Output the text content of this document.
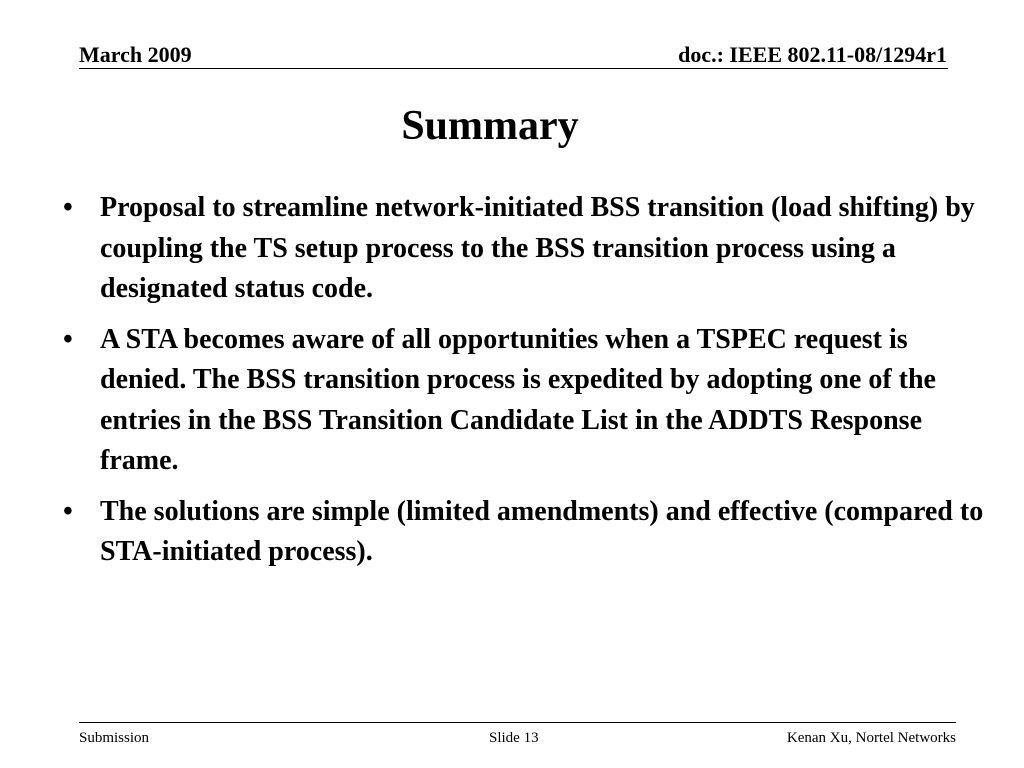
March 2009	doc.: IEEE 802.11-08/1294r1
Summary
• Proposal to streamline network-initiated BSS transition (load shifting) by coupling the TS setup process to the BSS transition process using a designated status code.
• A STA becomes aware of all opportunities when a TSPEC request is denied. The BSS transition process is expedited by adopting one of the entries in the BSS Transition Candidate List in the ADDTS Response frame.
• The solutions are simple (limited amendments) and effective (compared to STA-initiated process).
Submission	Slide 13	Kenan Xu, Nortel Networks
